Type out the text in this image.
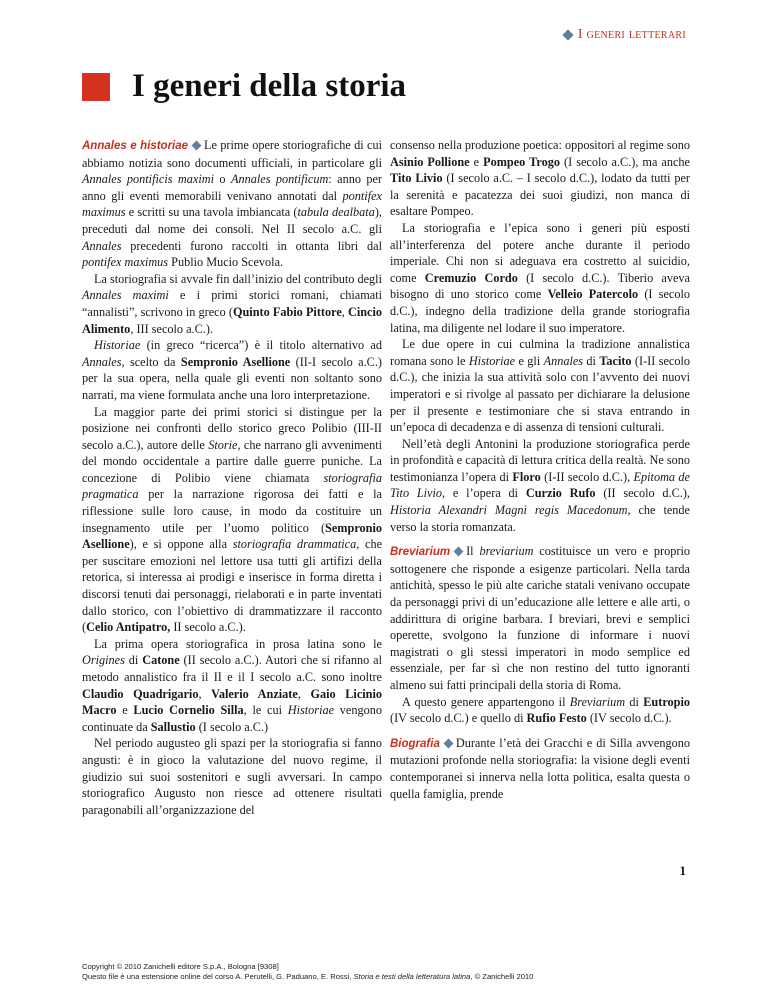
I generi letterari
I generi della storia

Annales e historiae Le prime opere storiografiche di cui abbiamo notizia sono documenti ufficiali, in particolare gli Annales pontificis maximi o Annales pontificum: anno per anno gli eventi memorabili venivano annotati dal pontifex maximus e scritti su una tavola imbiancata (tabula dealbata), preceduti dal nome dei consoli. Nel II secolo a.C. gli Annales precedenti furono raccolti in ottanta libri dal pontifex maximus Publio Mucio Scevola.

La storiografia si avvale fin dall’inizio del contributo degli Annales maximi e i primi storici romani, chiamati “annalisti”, scrivono in greco (Quinto Fabio Pittore, Cincio Alimento, III secolo a.C.).

Historiae (in greco “ricerca”) è il titolo alternativo ad Annales, scelto da Sempronio Asellione (II-I secolo a.C.) per la sua opera, nella quale gli eventi non soltanto sono narrati, ma viene formulata anche una loro interpretazione.

La maggior parte dei primi storici si distingue per la posizione nei confronti dello storico greco Polibio (III-II secolo a.C.), autore delle Storie, che narrano gli avvenimenti del mondo occidentale a partire dalle guerre puniche. La concezione di Polibio viene chiamata storiografia pragmatica per la narrazione rigorosa dei fatti e la riflessione sulle loro cause, in modo da costituire un insegnamento utile per l’uomo politico (Sempronio Asellione), e si oppone alla storiografia drammatica, che per suscitare emozioni nel lettore usa tutti gli artifizi della retorica, si interessa ai prodigi e inserisce in forma diretta i discorsi tenuti dai personaggi, rielaborati e in parte inventati dallo storico, con l’obiettivo di drammatizzare il racconto (Celio Antipatro, II secolo a.C.).

La prima opera storiografica in prosa latina sono le Origines di Catone (II secolo a.C.). Autori che si rifanno al metodo annalistico fra il II e il I secolo a.C. sono inoltre Claudio Quadrigario, Valerio Anziate, Gaio Licinio Macro e Lucio Cornelio Silla, le cui Historiae vengono continuate da Sallustio (I secolo a.C.)

Nel periodo augusteo gli spazi per la storiografia si fanno angusti: è in gioco la valutazione del nuovo regime, il giudizio sui suoi sostenitori e sugli avversari. In campo storiografico Augusto non riesce ad ottenere risultati paragonabili all’organizzazione del

consenso nella produzione poetica: oppositori al regime sono Asinio Pollione e Pompeo Trogo (I secolo a.C.), ma anche Tito Livio (I secolo a.C. – I secolo d.C.), lodato da tutti per la serenità e pacatezza dei suoi giudizi, non manca di esaltare Pompeo.

La storiografia e l’epica sono i generi più esposti all’interferenza del potere anche durante il periodo imperiale. Chi non si adeguava era costretto al suicidio, come Cremuzio Cordo (I secolo d.C.). Tiberio aveva bisogno di uno storico come Velleio Patercolo (I secolo d.C.), indegno della tradizione della grande storiografia latina, ma diligente nel lodare il suo imperatore.

Le due opere in cui culmina la tradizione annalistica romana sono le Historiae e gli Annales di Tacito (I-II secolo d.C.), che inizia la sua attività solo con l’avvento dei nuovi imperatori e si rivolge al passato per dichiarare la delusione per il presente e testimoniare che si stava entrando in un’epoca di decadenza e di assenza di tensioni culturali.

Nell’età degli Antonini la produzione storiografica perde in profondità e capacità di lettura critica della realtà. Ne sono testimonianza l’opera di Floro (I-II secolo d.C.), Epitoma de Tito Livio, e l’opera di Curzio Rufo (II secolo d.C.), Historia Alexandri Magni regis Macedonum, che tende verso la storia romanzata.

Breviarium Il breviarium costituisce un vero e proprio sottogenere che risponde a esigenze particolari. Nella tarda antichità, spesso le più alte cariche statali venivano occupate da personaggi privi di un’educazione alle lettere e alle arti, o addirittura di origine barbara. I breviari, brevi e semplici operette, svolgono la funzione di informare i nuovi magistrati o gli stessi imperatori in modo semplice ed essenziale, per far sì che non restino del tutto ignoranti almeno sui fatti principali della storia di Roma.

A questo genere appartengono il Breviarium di Eutropio (IV secolo d.C.) e quello di Rufio Festo (IV secolo d.C.).

Biografia Durante l’età dei Gracchi e di Silla avvengono mutazioni profonde nella storiografia: la visione degli eventi contemporanei si innerva nella lotta politica, esalta questa o quella famiglia, prende

1
Copyright © 2010 Zanichelli editore S.p.A., Bologna [9308]
Questo file è una estensione online del corso A. Perutelli, G. Paduano, E. Rossi, Storia e testi della letteratura latina, © Zanichelli 2010
